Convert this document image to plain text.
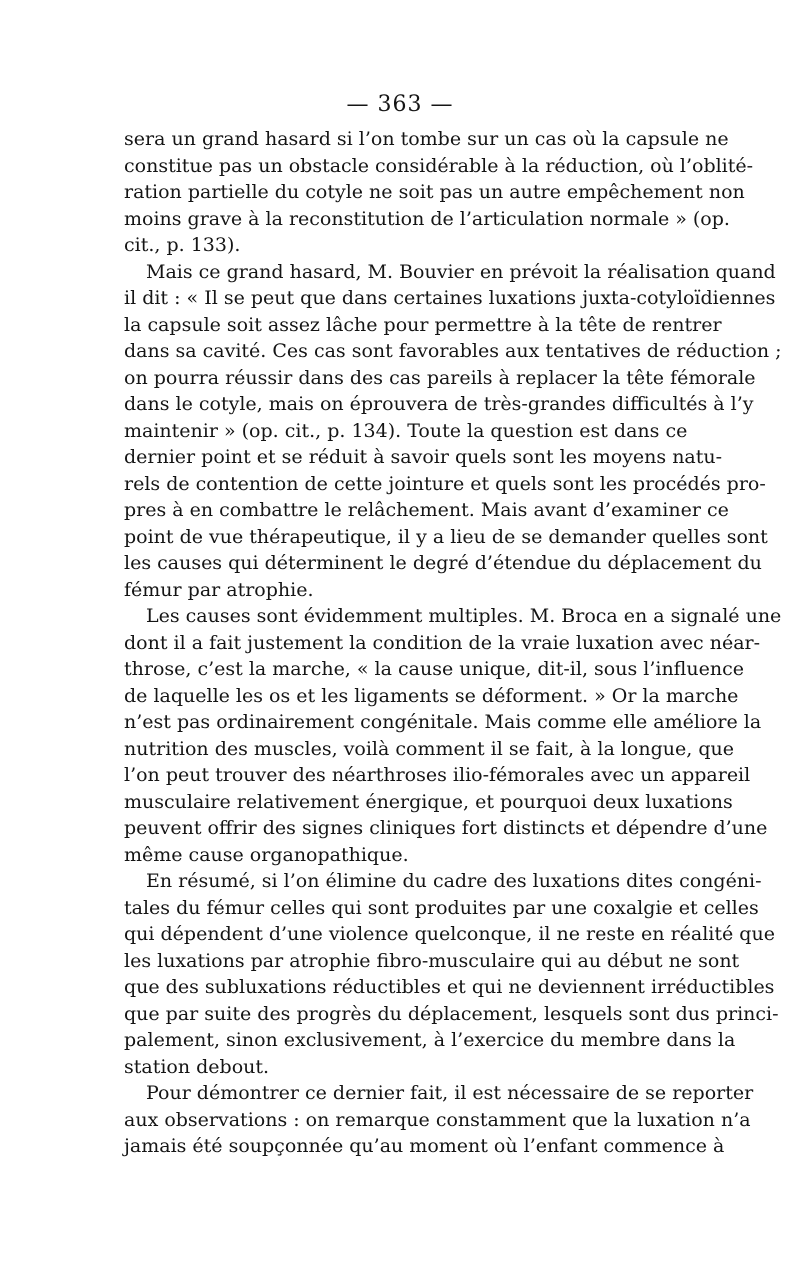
— 363 —
sera un grand hasard si l’on tombe sur un cas où la capsule ne
constitue pas un obstacle considérable à la réduction, où l’oblité-
ration partielle du cotyle ne soit pas un autre empêchement non
moins grave à la reconstitution de l’articulation normale » (op.
cit., p. 133).
Mais ce grand hasard, M. Bouvier en prévoit la réalisation quand
il dit : « Il se peut que dans certaines luxations juxta-cotyloïdiennes
la capsule soit assez lâche pour permettre à la tête de rentrer
dans sa cavité. Ces cas sont favorables aux tentatives de réduction ;
on pourra réussir dans des cas pareils à replacer la tête fémorale
dans le cotyle, mais on éprouvera de très-grandes difficultés à l’y
maintenir » (op. cit., p. 134). Toute la question est dans ce
dernier point et se réduit à savoir quels sont les moyens natu-
rels de contention de cette jointure et quels sont les procédés pro-
pres à en combattre le relâchement. Mais avant d’examiner ce
point de vue thérapeutique, il y a lieu de se demander quelles sont
les causes qui déterminent le degré d’étendue du déplacement du
fémur par atrophie.
Les causes sont évidemment multiples. M. Broca en a signalé une
dont il a fait justement la condition de la vraie luxation avec néar-
throse, c’est la marche, « la cause unique, dit-il, sous l’influence
de laquelle les os et les ligaments se déforment. » Or la marche
n’est pas ordinairement congénitale. Mais comme elle améliore la
nutrition des muscles, voilà comment il se fait, à la longue, que
l’on peut trouver des néarthroses ilio-fémorales avec un appareil
musculaire relativement énergique, et pourquoi deux luxations
peuvent offrir des signes cliniques fort distincts et dépendre d’une
même cause organopathique.
En résumé, si l’on élimine du cadre des luxations dites congéni-
tales du fémur celles qui sont produites par une coxalgie et celles
qui dépendent d’une violence quelconque, il ne reste en réalité que
les luxations par atrophie fibro-musculaire qui au début ne sont
que des subluxations réductibles et qui ne deviennent irréductibles
que par suite des progrès du déplacement, lesquels sont dus princi-
palement, sinon exclusivement, à l’exercice du membre dans la
station debout.
Pour démontrer ce dernier fait, il est nécessaire de se reporter
aux observations : on remarque constamment que la luxation n’a
jamais été soupçonnée qu’au moment où l’enfant commence à
